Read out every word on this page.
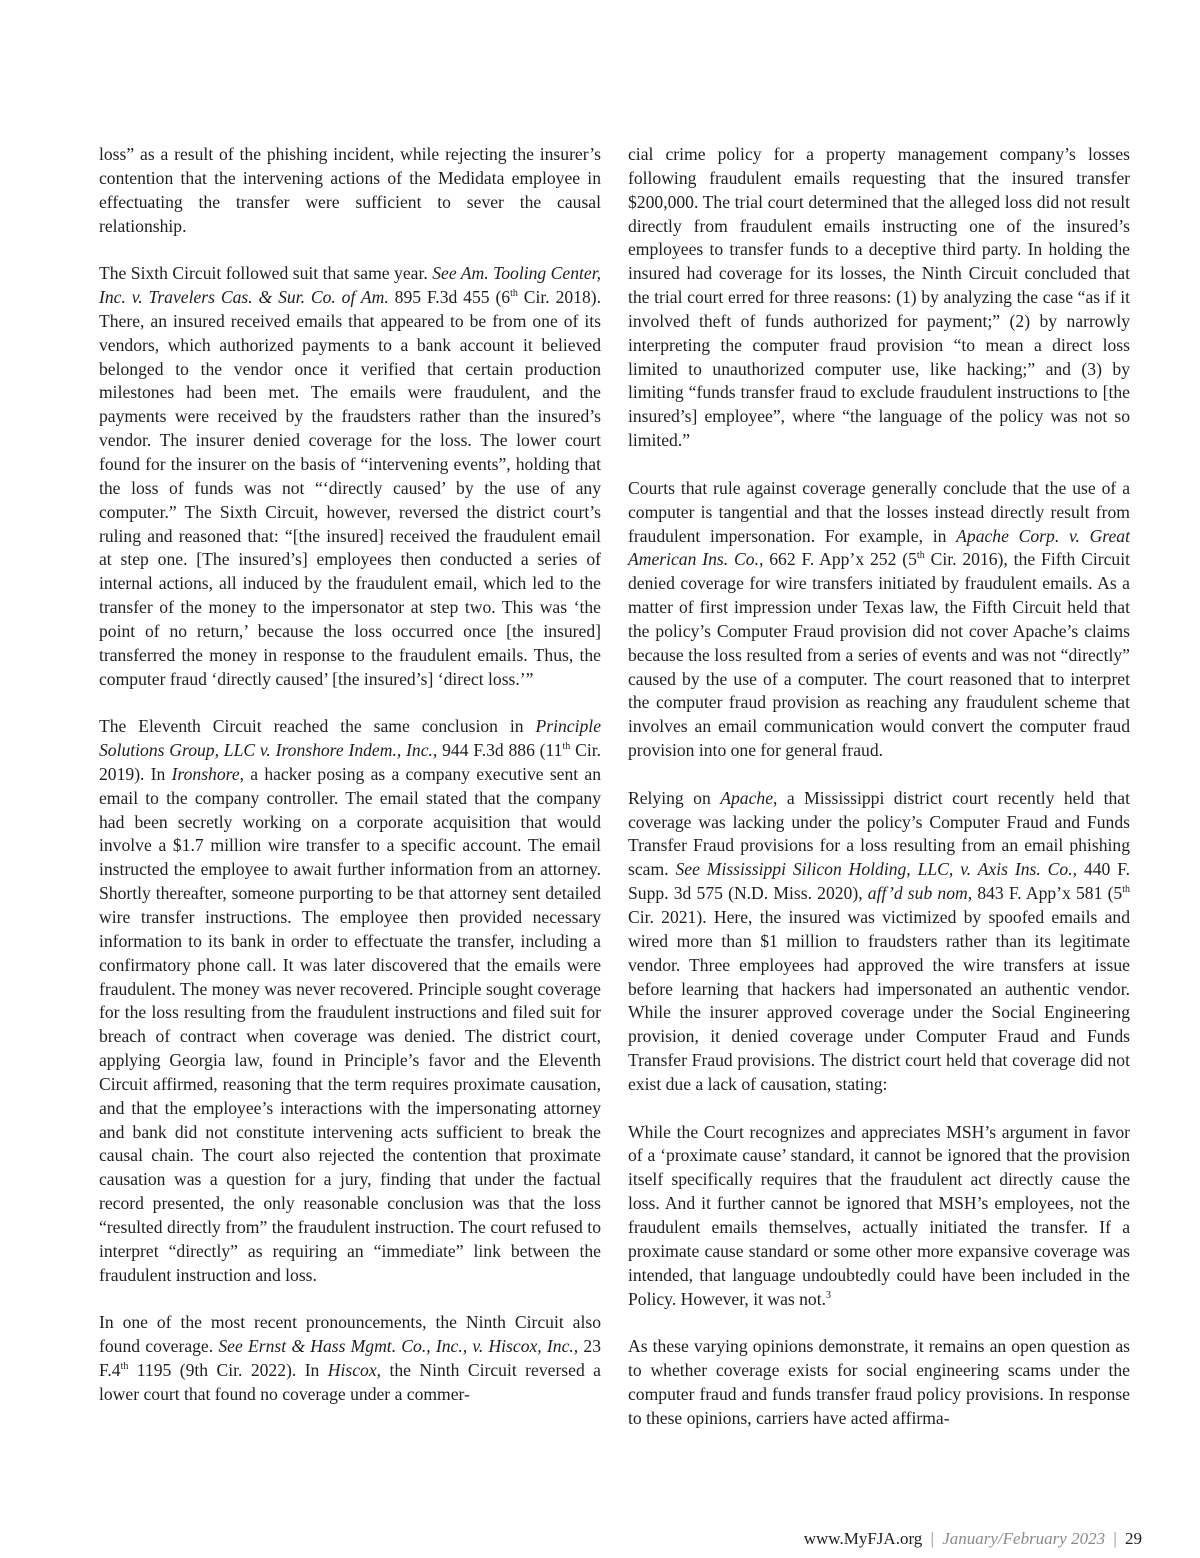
loss” as a result of the phishing incident, while rejecting the insurer’s contention that the intervening actions of the Medidata employee in effectuating the transfer were sufficient to sever the causal relationship.

The Sixth Circuit followed suit that same year. See Am. Tooling Center, Inc. v. Travelers Cas. & Sur. Co. of Am. 895 F.3d 455 (6th Cir. 2018). There, an insured received emails that appeared to be from one of its vendors, which authorized payments to a bank account it believed belonged to the vendor once it verified that certain production milestones had been met. The emails were fraudulent, and the payments were received by the fraudsters rather than the insured’s vendor. The insurer denied coverage for the loss. The lower court found for the insurer on the basis of “intervening events”, holding that the loss of funds was not “‘directly caused’ by the use of any computer.” The Sixth Circuit, however, reversed the district court’s ruling and reasoned that: “[the insured] received the fraudulent email at step one. [The insured’s] employees then conducted a series of internal actions, all induced by the fraudulent email, which led to the transfer of the money to the impersonator at step two. This was ‘the point of no return,’ because the loss occurred once [the insured] transferred the money in response to the fraudulent emails. Thus, the computer fraud ‘directly caused’ [the insured’s] ‘direct loss.’”

The Eleventh Circuit reached the same conclusion in Principle Solutions Group, LLC v. Ironshore Indem., Inc., 944 F.3d 886 (11th Cir. 2019). In Ironshore, a hacker posing as a company executive sent an email to the company controller. The email stated that the company had been secretly working on a corporate acquisition that would involve a $1.7 million wire transfer to a specific account. The email instructed the employee to await further information from an attorney. Shortly thereafter, someone purporting to be that attorney sent detailed wire transfer instructions. The employee then provided necessary information to its bank in order to effectuate the transfer, including a confirmatory phone call. It was later discovered that the emails were fraudulent. The money was never recovered. Principle sought coverage for the loss resulting from the fraudulent instructions and filed suit for breach of contract when coverage was denied. The district court, applying Georgia law, found in Principle’s favor and the Eleventh Circuit affirmed, reasoning that the term requires proximate causation, and that the employee’s interactions with the impersonating attorney and bank did not constitute intervening acts sufficient to break the causal chain. The court also rejected the contention that proximate causation was a question for a jury, finding that under the factual record presented, the only reasonable conclusion was that the loss “resulted directly from” the fraudulent instruction. The court refused to interpret “directly” as requiring an “immediate” link between the fraudulent instruction and loss.

In one of the most recent pronouncements, the Ninth Circuit also found coverage. See Ernst & Hass Mgmt. Co., Inc., v. Hiscox, Inc., 23 F.4th 1195 (9th Cir. 2022). In Hiscox, the Ninth Circuit reversed a lower court that found no coverage under a commer-

cial crime policy for a property management company’s losses following fraudulent emails requesting that the insured transfer $200,000. The trial court determined that the alleged loss did not result directly from fraudulent emails instructing one of the insured’s employees to transfer funds to a deceptive third party. In holding the insured had coverage for its losses, the Ninth Circuit concluded that the trial court erred for three reasons: (1) by analyzing the case “as if it involved theft of funds authorized for payment;” (2) by narrowly interpreting the computer fraud provision “to mean a direct loss limited to unauthorized computer use, like hacking;” and (3) by limiting “funds transfer fraud to exclude fraudulent instructions to [the insured’s] employee”, where “the language of the policy was not so limited.”

Courts that rule against coverage generally conclude that the use of a computer is tangential and that the losses instead directly result from fraudulent impersonation. For example, in Apache Corp. v. Great American Ins. Co., 662 F. App’x 252 (5th Cir. 2016), the Fifth Circuit denied coverage for wire transfers initiated by fraudulent emails. As a matter of first impression under Texas law, the Fifth Circuit held that the policy’s Computer Fraud provision did not cover Apache’s claims because the loss resulted from a series of events and was not “directly” caused by the use of a computer. The court reasoned that to interpret the computer fraud provision as reaching any fraudulent scheme that involves an email communication would convert the computer fraud provision into one for general fraud.

Relying on Apache, a Mississippi district court recently held that coverage was lacking under the policy’s Computer Fraud and Funds Transfer Fraud provisions for a loss resulting from an email phishing scam. See Mississippi Silicon Holding, LLC, v. Axis Ins. Co., 440 F. Supp. 3d 575 (N.D. Miss. 2020), aff’d sub nom, 843 F. App’x 581 (5th Cir. 2021). Here, the insured was victimized by spoofed emails and wired more than $1 million to fraudsters rather than its legitimate vendor. Three employees had approved the wire transfers at issue before learning that hackers had impersonated an authentic vendor. While the insurer approved coverage under the Social Engineering provision, it denied coverage under Computer Fraud and Funds Transfer Fraud provisions. The district court held that coverage did not exist due a lack of causation, stating:

While the Court recognizes and appreciates MSH’s argument in favor of a ‘proximate cause’ standard, it cannot be ignored that the provision itself specifically requires that the fraudulent act directly cause the loss. And it further cannot be ignored that MSH’s employees, not the fraudulent emails themselves, actually initiated the transfer. If a proximate cause standard or some other more expansive coverage was intended, that language undoubtedly could have been included in the Policy. However, it was not.$^3$

As these varying opinions demonstrate, it remains an open question as to whether coverage exists for social engineering scams under the computer fraud and funds transfer fraud policy provisions. In response to these opinions, carriers have acted affirma-

www.MyFJA.org | January/February 2023 | 29
